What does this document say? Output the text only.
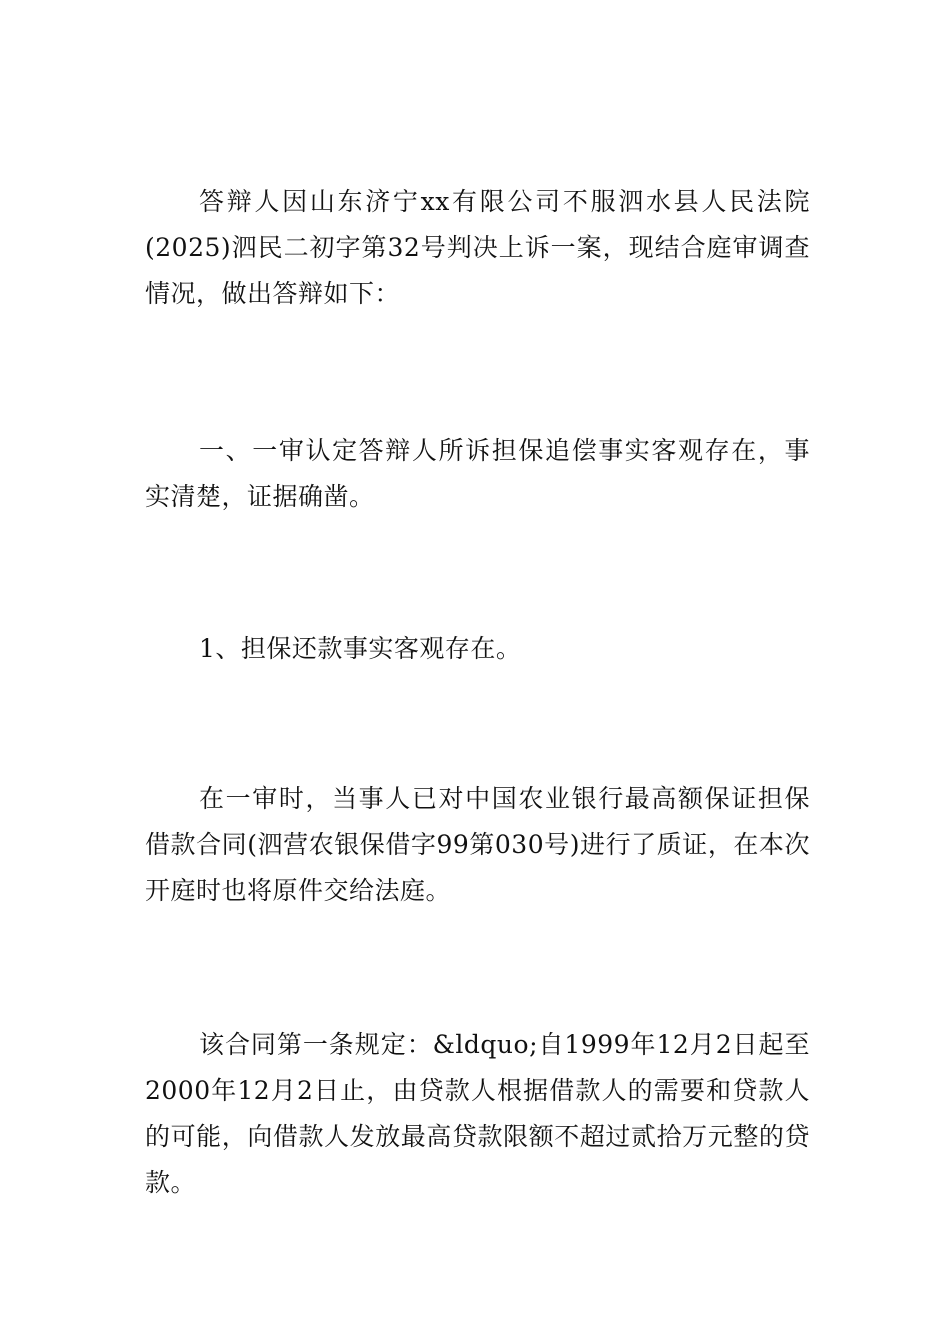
答辩人因山东济宁xx有限公司不服泗水县人民法院(2025)泗民二初字第32号判决上诉一案，现结合庭审调查情况，做出答辩如下：

一、一审认定答辩人所诉担保追偿事实客观存在，事实清楚，证据确凿。

1、担保还款事实客观存在。

在一审时，当事人已对中国农业银行最高额保证担保借款合同(泗营农银保借字99第030号)进行了质证，在本次开庭时也将原件交给法庭。

该合同第一条规定：&ldquo;自1999年12月2日起至2000年12月2日止，由贷款人根据借款人的需要和贷款人的可能，向借款人发放最高贷款限额不超过贰拾万元整的贷款。
